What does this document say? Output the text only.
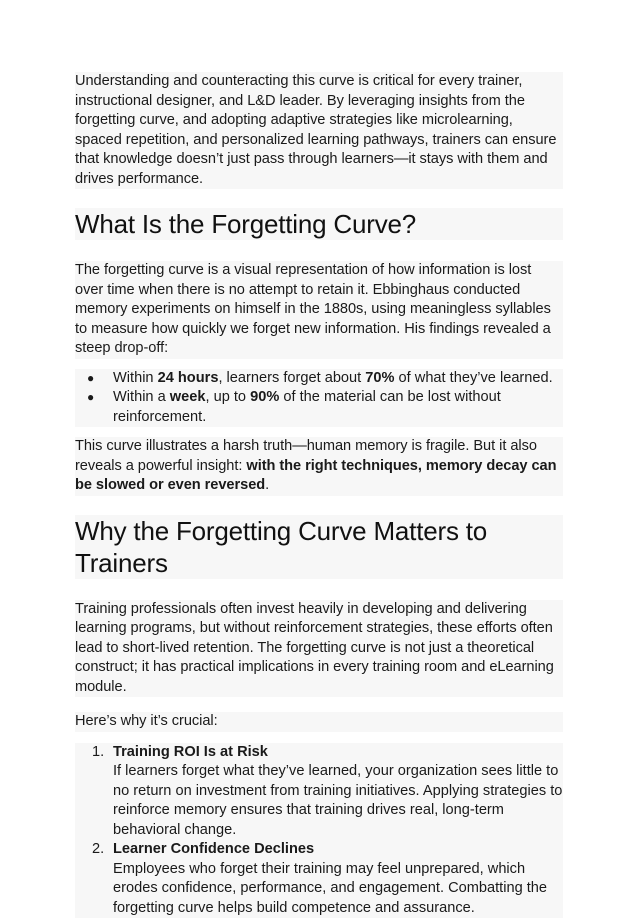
Understanding and counteracting this curve is critical for every trainer, instructional designer, and L&D leader. By leveraging insights from the forgetting curve, and adopting adaptive strategies like microlearning, spaced repetition, and personalized learning pathways, trainers can ensure that knowledge doesn’t just pass through learners—it stays with them and drives performance.

What Is the Forgetting Curve?

The forgetting curve is a visual representation of how information is lost over time when there is no attempt to retain it. Ebbinghaus conducted memory experiments on himself in the 1880s, using meaningless syllables to measure how quickly we forget new information. His findings revealed a steep drop-off:

● Within 24 hours, learners forget about 70% of what they’ve learned.
● Within a week, up to 90% of the material can be lost without reinforcement.

This curve illustrates a harsh truth—human memory is fragile. But it also reveals a powerful insight: with the right techniques, memory decay can be slowed or even reversed.

Why the Forgetting Curve Matters to Trainers

Training professionals often invest heavily in developing and delivering learning programs, but without reinforcement strategies, these efforts often lead to short-lived retention. The forgetting curve is not just a theoretical construct; it has practical implications in every training room and eLearning module.

Here’s why it’s crucial:

1. Training ROI Is at Risk
If learners forget what they’ve learned, your organization sees little to no return on investment from training initiatives. Applying strategies to reinforce memory ensures that training drives real, long-term behavioral change.
2. Learner Confidence Declines
Employees who forget their training may feel unprepared, which erodes confidence, performance, and engagement. Combatting the forgetting curve helps build competence and assurance.
